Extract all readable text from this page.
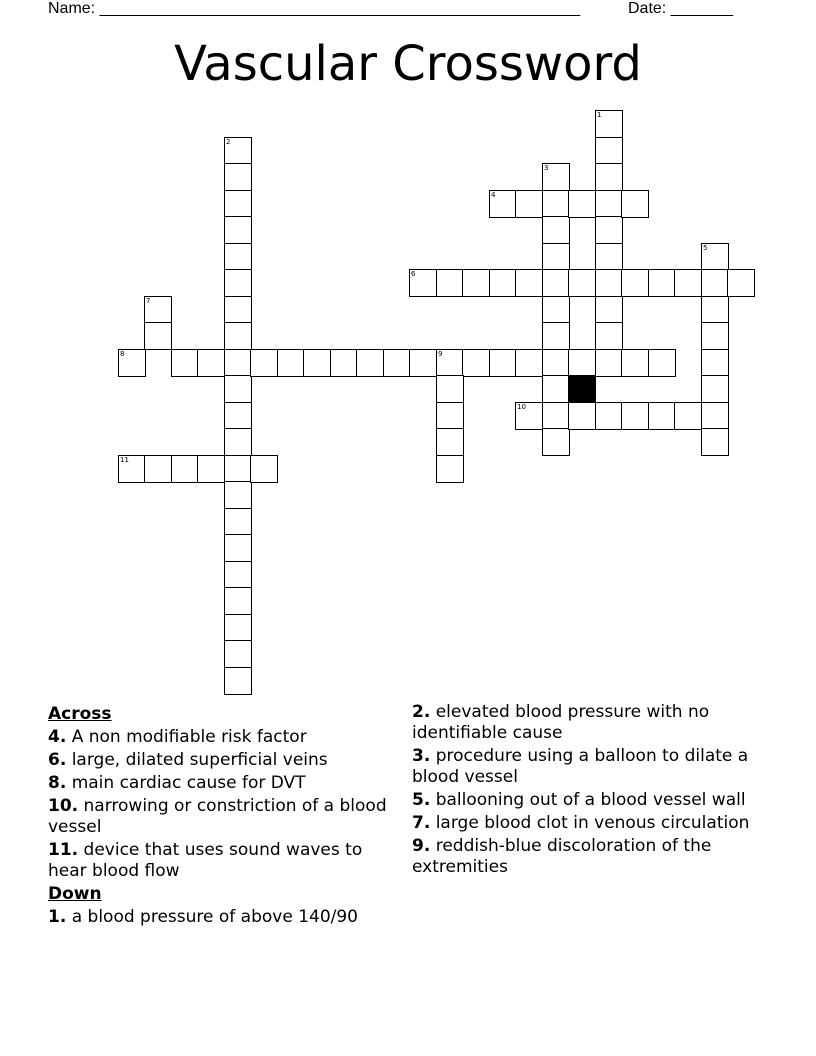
Name: ______________________________________________________	Date: _______
Vascular Crossword
1
2
3
4
5
6
7
8	9
10
11
Across
4. A non modifiable risk factor
6. large, dilated superficial veins
8. main cardiac cause for DVT
10. narrowing or constriction of a blood vessel
11. device that uses sound waves to hear blood flow
Down
1. a blood pressure of above 140/90
2. elevated blood pressure with no identifiable cause
3. procedure using a balloon to dilate a blood vessel
5. ballooning out of a blood vessel wall
7. large blood clot in venous circulation
9. reddish-blue discoloration of the extremities
